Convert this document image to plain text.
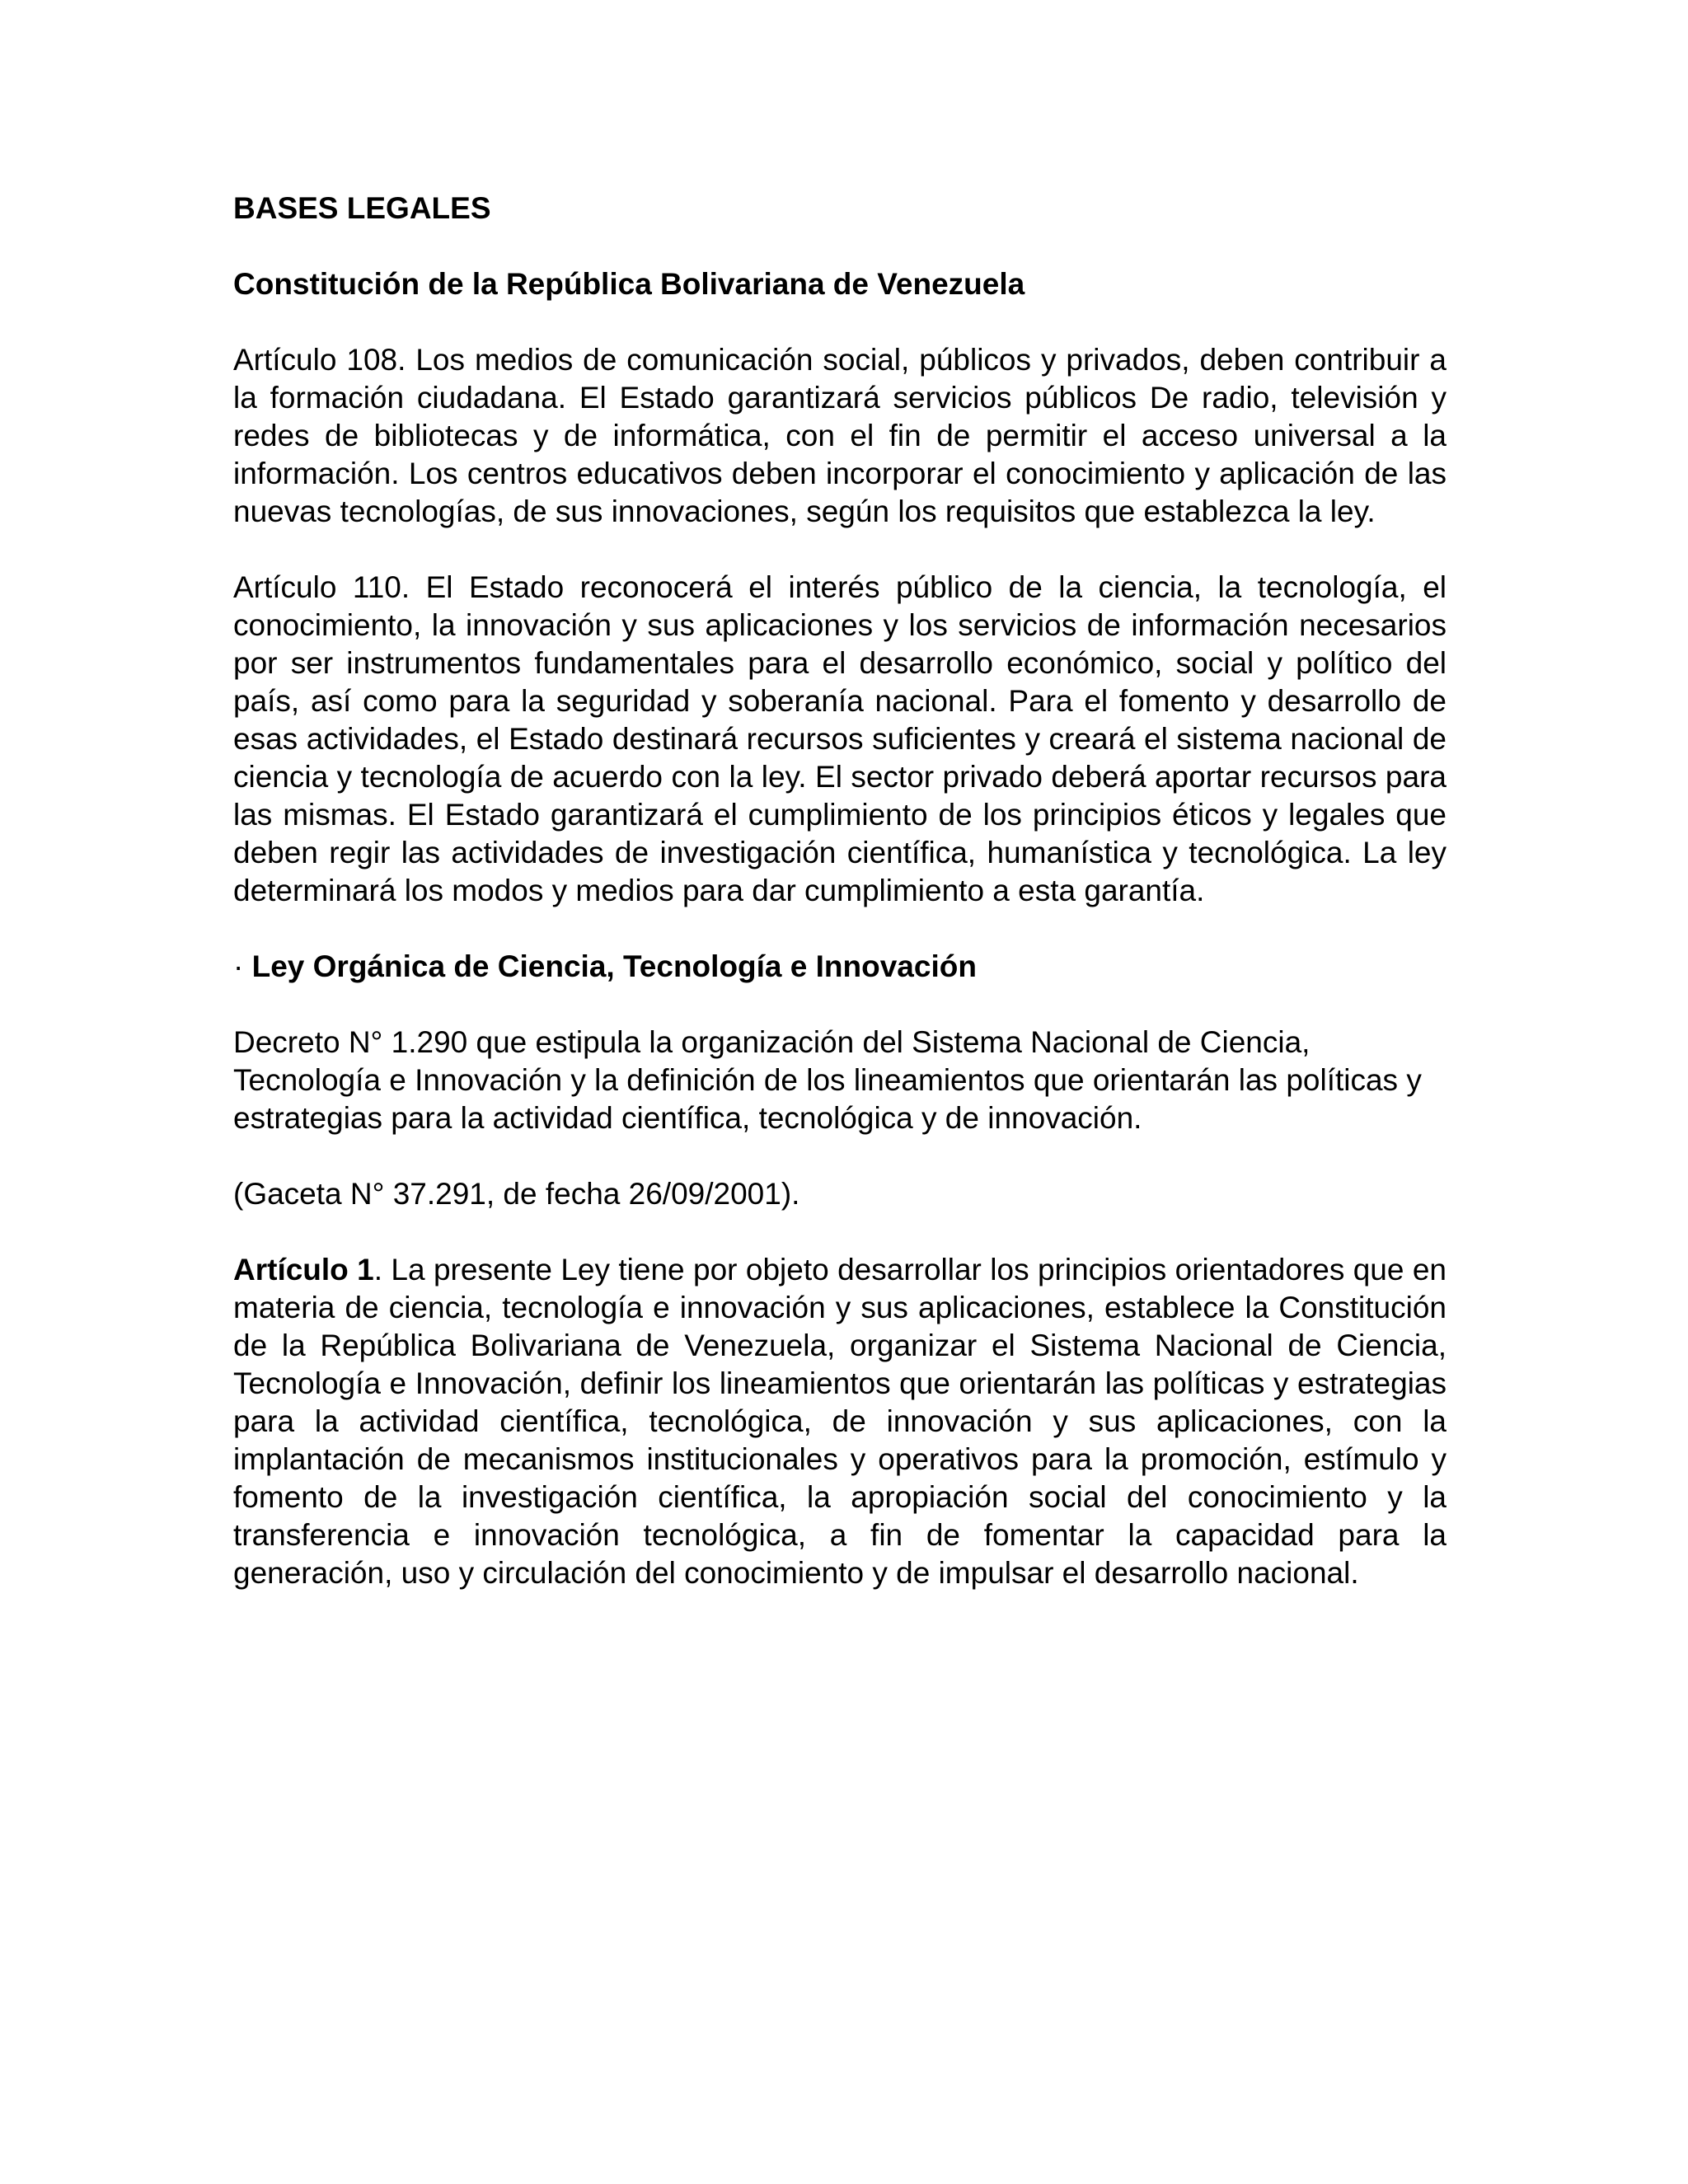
BASES LEGALES
Constitución de la República Bolivariana de Venezuela
Artículo 108. Los medios de comunicación social, públicos y privados, deben contribuir a la formación ciudadana. El Estado garantizará servicios públicos De radio, televisión y redes de bibliotecas y de informática, con el fin de permitir el acceso universal a la información. Los centros educativos deben incorporar el conocimiento y aplicación de las nuevas tecnologías, de sus innovaciones, según los requisitos que establezca la ley.
Artículo 110. El Estado reconocerá el interés público de la ciencia, la tecnología, el conocimiento, la innovación y sus aplicaciones y los servicios de información necesarios por ser instrumentos fundamentales para el desarrollo económico, social y político del país, así como para la seguridad y soberanía nacional. Para el fomento y desarrollo de esas actividades, el Estado destinará recursos suficientes y creará el sistema nacional de ciencia y tecnología de acuerdo con la ley. El sector privado deberá aportar recursos para las mismas. El Estado garantizará el cumplimiento de los principios éticos y legales que deben regir las actividades de investigación científica, humanística y tecnológica. La ley determinará los modos y medios para dar cumplimiento a esta garantía.
· Ley Orgánica de Ciencia, Tecnología e Innovación
Decreto N° 1.290 que estipula la organización del Sistema Nacional de Ciencia, Tecnología e Innovación y la definición de los lineamientos que orientarán las políticas y estrategias para la actividad científica, tecnológica y de innovación.
(Gaceta N° 37.291, de fecha 26/09/2001).
Artículo 1. La presente Ley tiene por objeto desarrollar los principios orientadores que en materia de ciencia, tecnología e innovación y sus aplicaciones, establece la Constitución de la República Bolivariana de Venezuela, organizar el Sistema Nacional de Ciencia, Tecnología e Innovación, definir los lineamientos que orientarán las políticas y estrategias para la actividad científica, tecnológica, de innovación y sus aplicaciones, con la implantación de mecanismos institucionales y operativos para la promoción, estímulo y fomento de la investigación científica, la apropiación social del conocimiento y la transferencia e innovación tecnológica, a fin de fomentar la capacidad para la generación, uso y circulación del conocimiento y de impulsar el desarrollo nacional.
